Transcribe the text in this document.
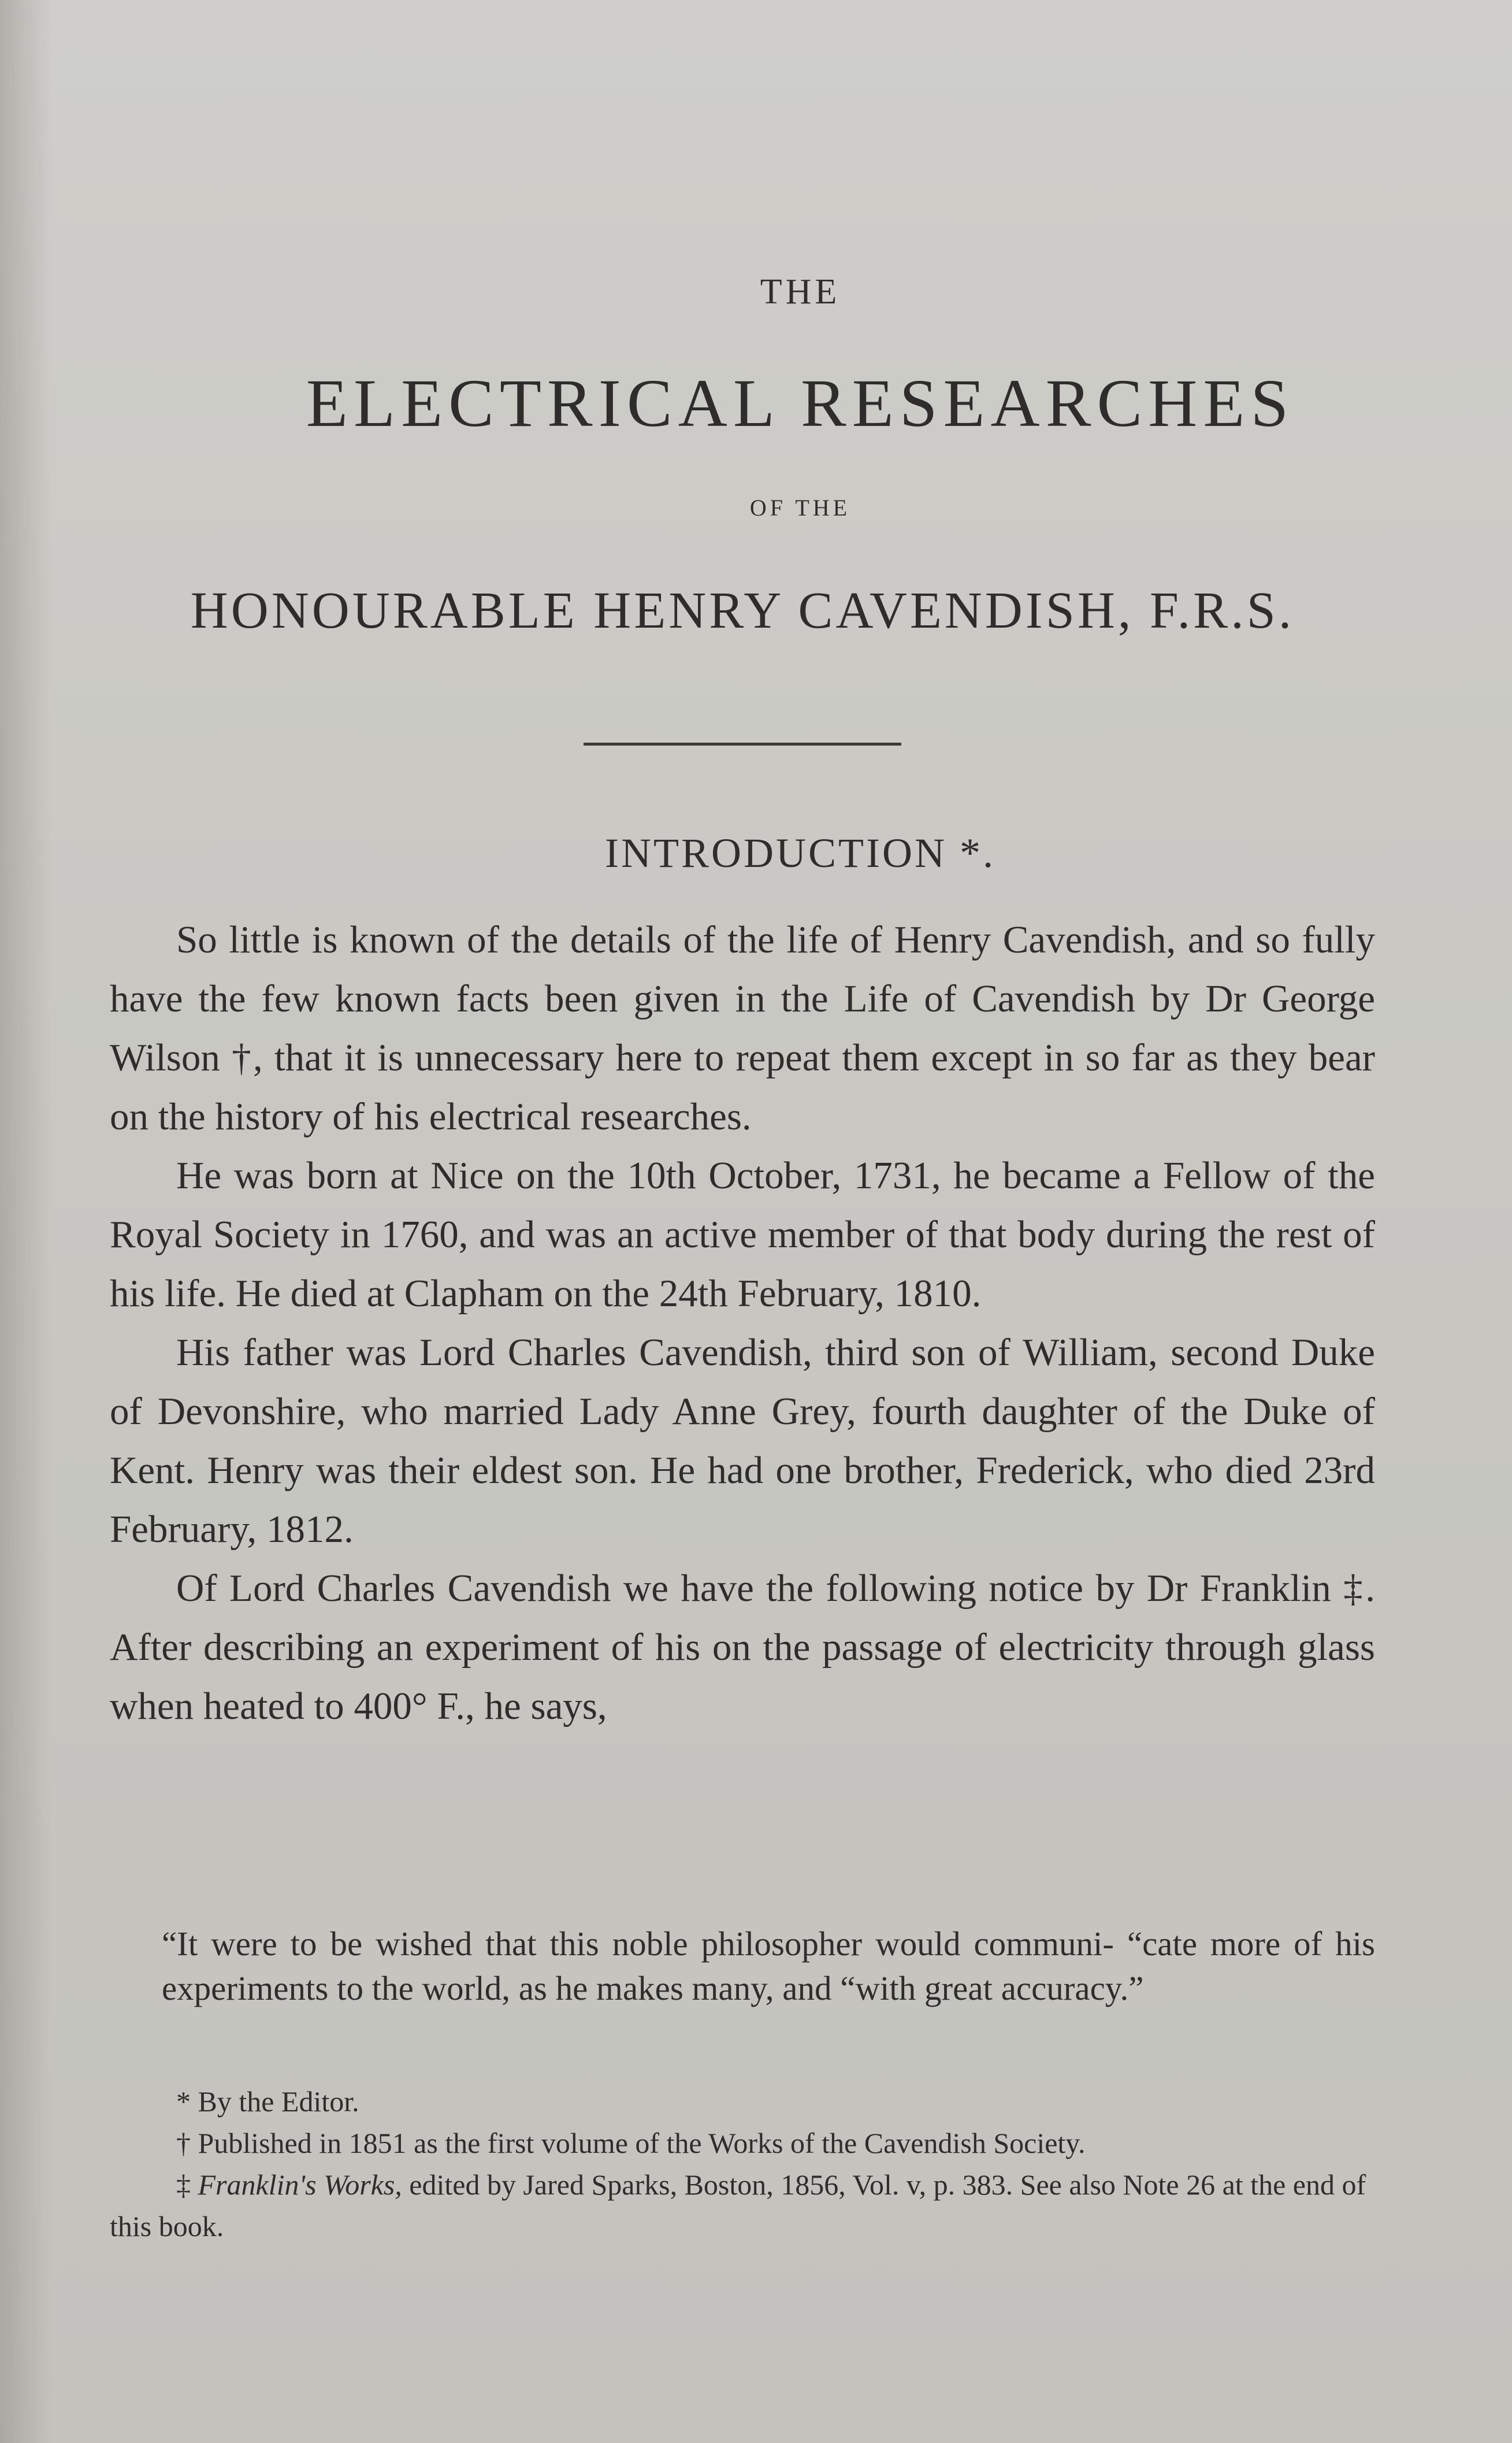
THE
ELECTRICAL RESEARCHES
OF THE
HONOURABLE HENRY CAVENDISH, F.R.S.
INTRODUCTION *.

So little is known of the details of the life of Henry Cavendish, and so fully have the few known facts been given in the Life of Cavendish by Dr George Wilson †, that it is unnecessary here to repeat them except in so far as they bear on the history of his electrical researches.

He was born at Nice on the 10th October, 1731, he became a Fellow of the Royal Society in 1760, and was an active member of that body during the rest of his life. He died at Clapham on the 24th February, 1810.

His father was Lord Charles Cavendish, third son of William, second Duke of Devonshire, who married Lady Anne Grey, fourth daughter of the Duke of Kent. Henry was their eldest son. He had one brother, Frederick, who died 23rd February, 1812.

Of Lord Charles Cavendish we have the following notice by Dr Franklin ‡. After describing an experiment of his on the passage of electricity through glass when heated to 400° F., he says,

“It were to be wished that this noble philosopher would communi- “cate more of his experiments to the world, as he makes many, and “with great accuracy.”

* By the Editor.

† Published in 1851 as the first volume of the Works of the Cavendish Society.

‡ Franklin's Works, edited by Jared Sparks, Boston, 1856, Vol. v, p. 383. See also Note 26 at the end of this book.
